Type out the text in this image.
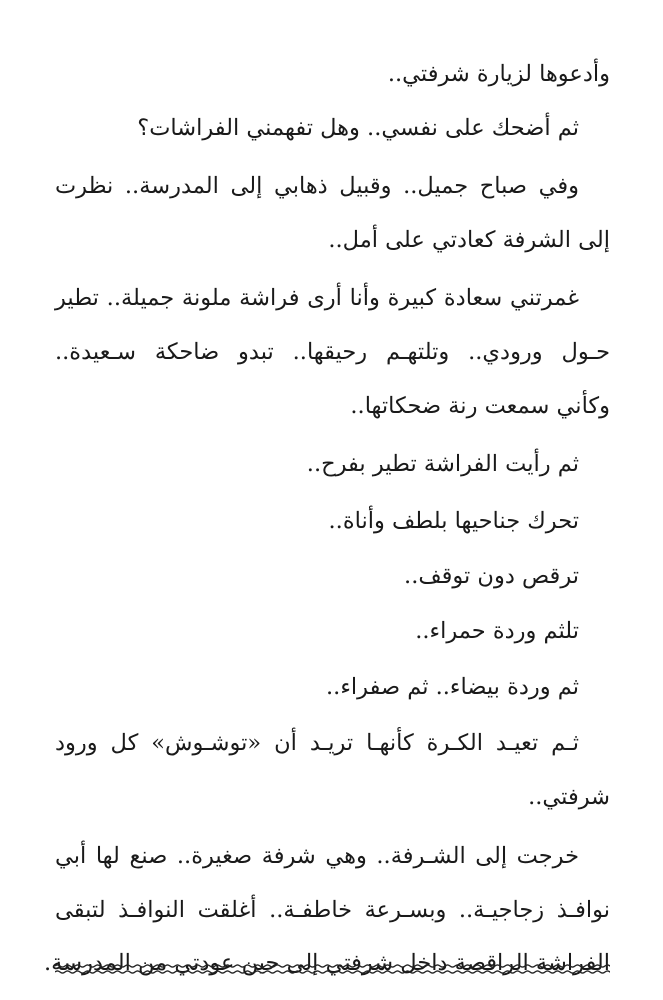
وأدعوها لزيارة شرفتي..
ثم أضحك على نفسي.. وهل تفهمني الفراشات؟
وفي صباح جميل.. وقبيل ذهابي إلى المدرسة.. نظرت
إلى الشرفة كعادتي على أمل..
غمرتني سعادة كبيرة وأنا أرى فراشة ملونة جميلة.. تطير
حـول ورودي.. وتلتهـم رحيقها.. تبدو ضاحكة سـعيدة..
وكأني سمعت رنة ضحكاتها..
ثم رأيت الفراشة تطير بفرح..
تحرك جناحيها بلطف وأناة..
ترقص دون توقف..
تلثم وردة حمراء..
ثم وردة بيضاء.. ثم صفراء..
ثـم تعيـد الكـرة كأنهـا تريـد أن «توشـوش» كل ورود
شرفتي..
خرجت إلى الشـرفة.. وهي شرفة صغيرة.. صنع لها أبي
نوافـذ زجاجيـة.. وبسـرعة خاطفـة.. أغلقت النوافـذ لتبقى
الفراشة الراقصة داخل شرفتي إلى حين عودتي من المدرسة.
